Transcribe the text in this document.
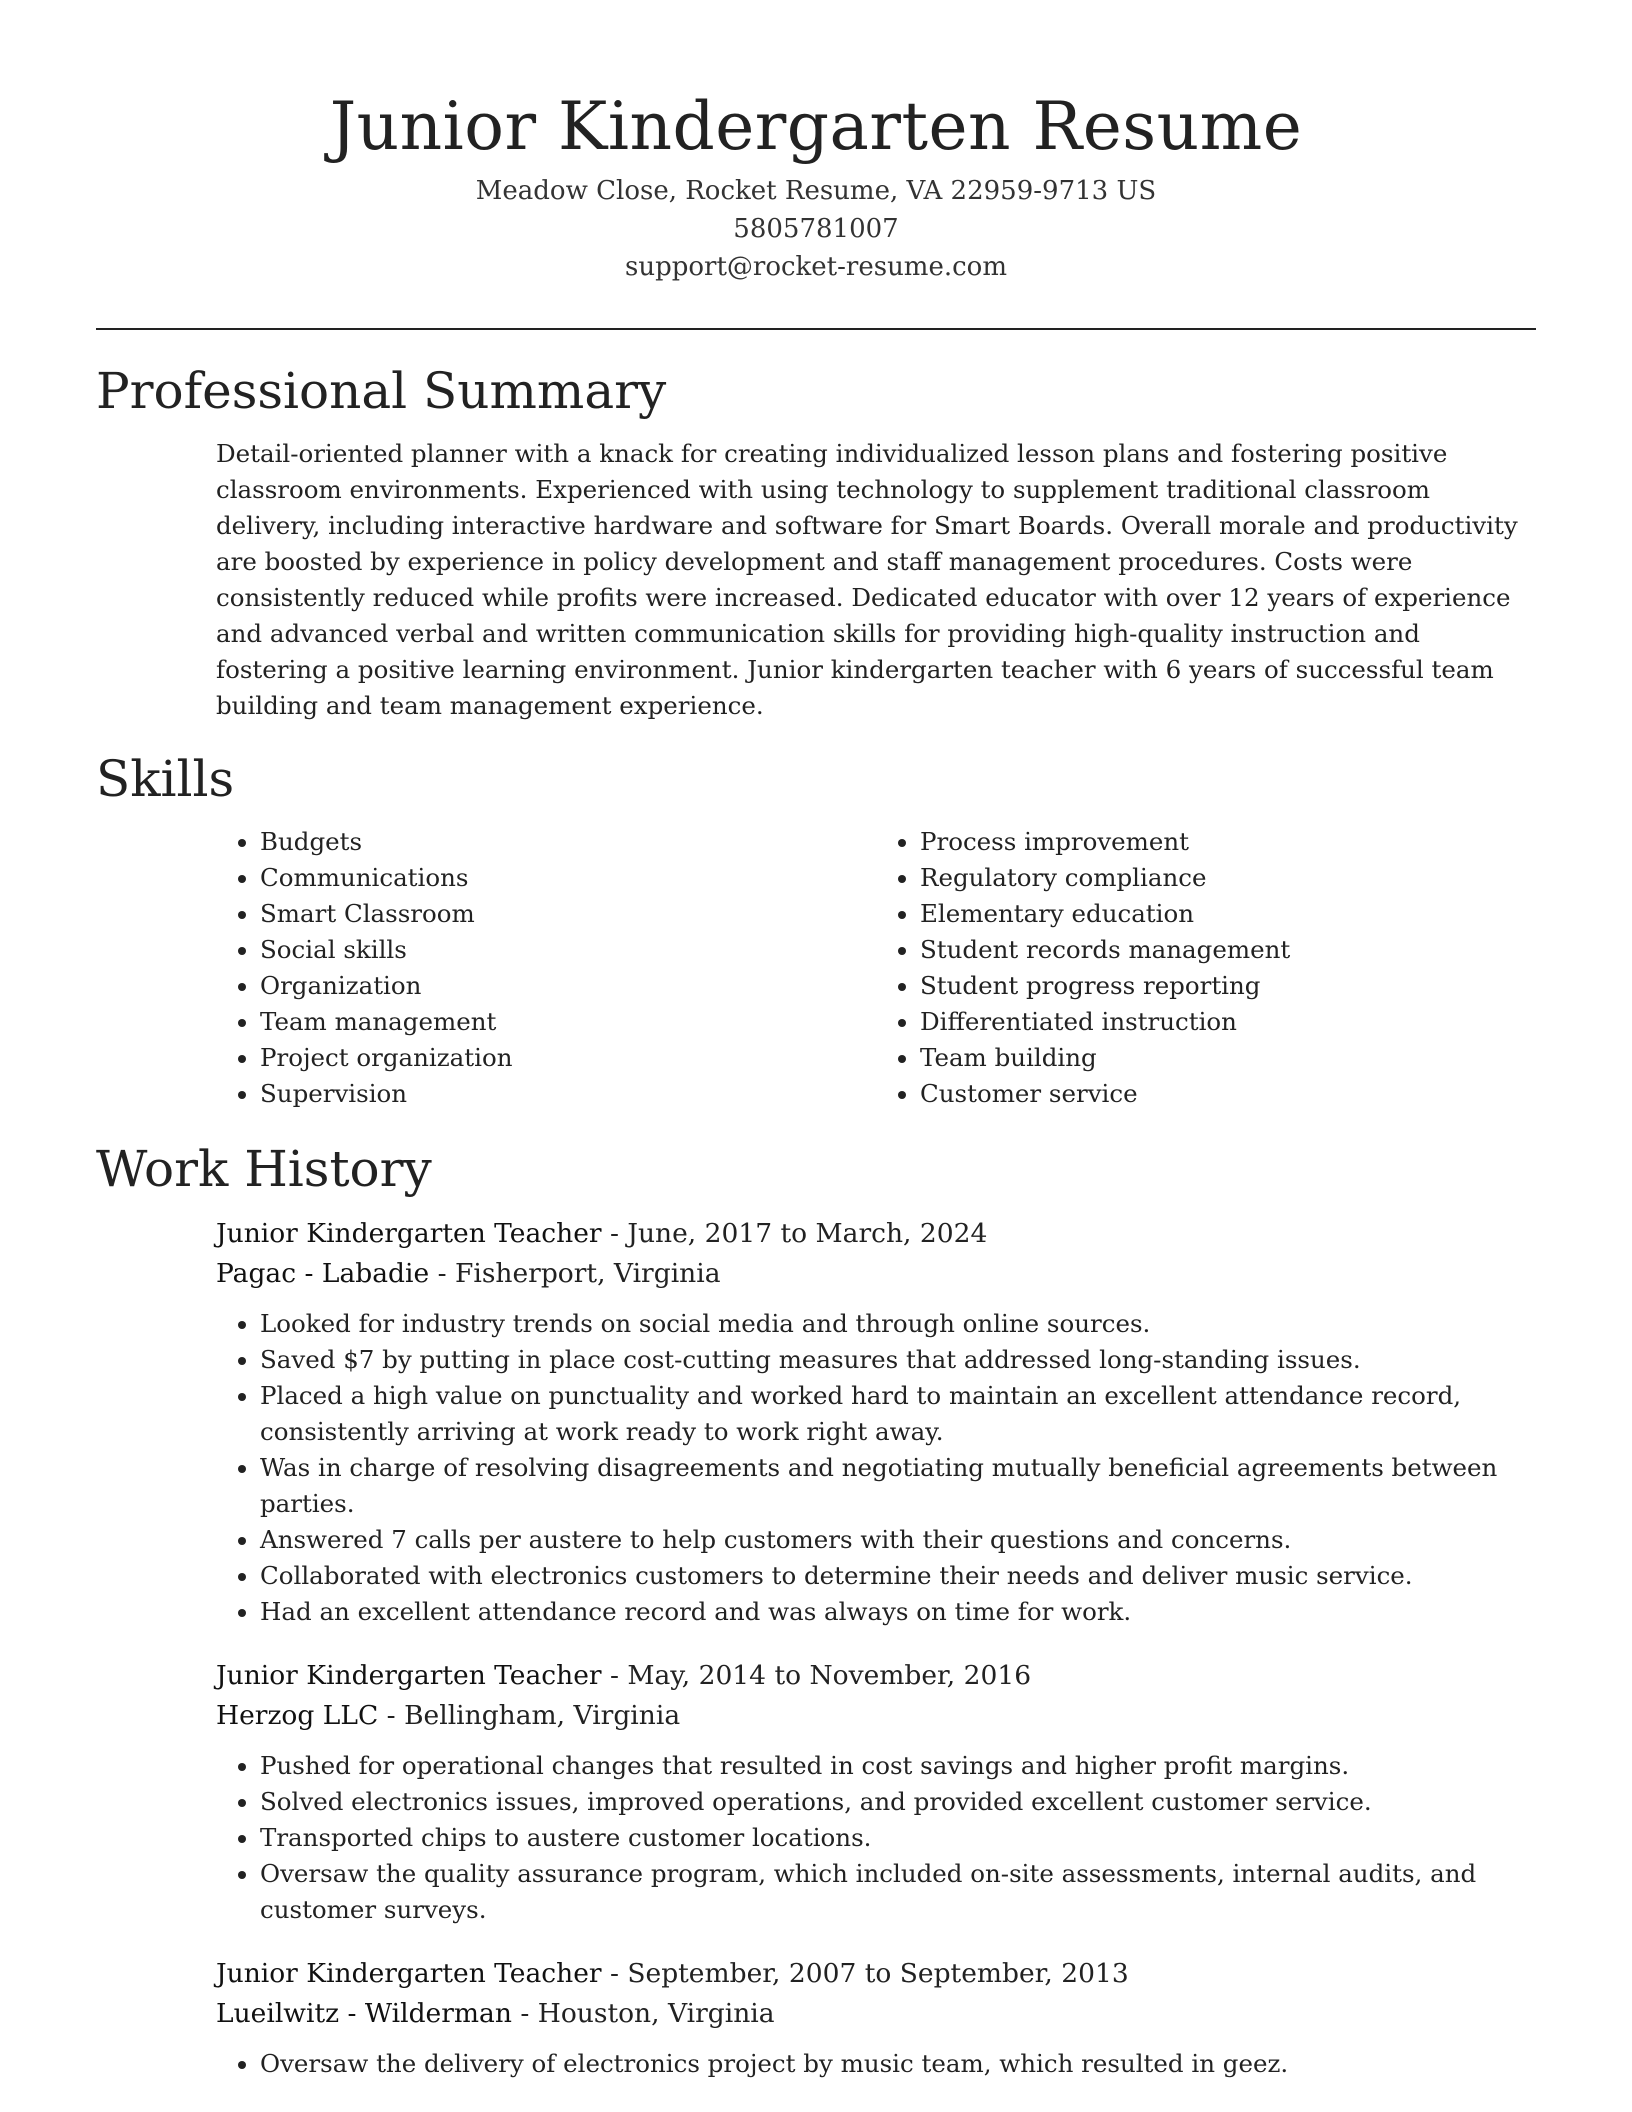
Junior Kindergarten Resume
Meadow Close, Rocket Resume, VA 22959-9713 US
5805781007
support@rocket-resume.com
Professional Summary

Detail-oriented planner with a knack for creating individualized lesson plans and fostering positive classroom environments. Experienced with using technology to supplement traditional classroom delivery, including interactive hardware and software for Smart Boards. Overall morale and productivity are boosted by experience in policy development and staff management procedures. Costs were consistently reduced while profits were increased. Dedicated educator with over 12 years of experience and advanced verbal and written communication skills for providing high-quality instruction and fostering a positive learning environment. Junior kindergarten teacher with 6 years of successful team building and team management experience.

Skills
• Budgets
• Communications
• Smart Classroom
• Social skills
• Organization
• Team management
• Project organization
• Supervision
• Process improvement
• Regulatory compliance
• Elementary education
• Student records management
• Student progress reporting
• Differentiated instruction
• Team building
• Customer service
Work History
Junior Kindergarten Teacher - June, 2017 to March, 2024
Pagac - Labadie - Fisherport, Virginia
• Looked for industry trends on social media and through online sources.
• Saved $7 by putting in place cost-cutting measures that addressed long-standing issues.
• Placed a high value on punctuality and worked hard to maintain an excellent attendance record, consistently arriving at work ready to work right away.
• Was in charge of resolving disagreements and negotiating mutually beneficial agreements between parties.
• Answered 7 calls per austere to help customers with their questions and concerns.
• Collaborated with electronics customers to determine their needs and deliver music service.
• Had an excellent attendance record and was always on time for work.
Junior Kindergarten Teacher - May, 2014 to November, 2016
Herzog LLC - Bellingham, Virginia
• Pushed for operational changes that resulted in cost savings and higher profit margins.
• Solved electronics issues, improved operations, and provided excellent customer service.
• Transported chips to austere customer locations.
• Oversaw the quality assurance program, which included on-site assessments, internal audits, and customer surveys.
Junior Kindergarten Teacher - September, 2007 to September, 2013
Lueilwitz - Wilderman - Houston, Virginia
• Oversaw the delivery of electronics project by music team, which resulted in geez.
